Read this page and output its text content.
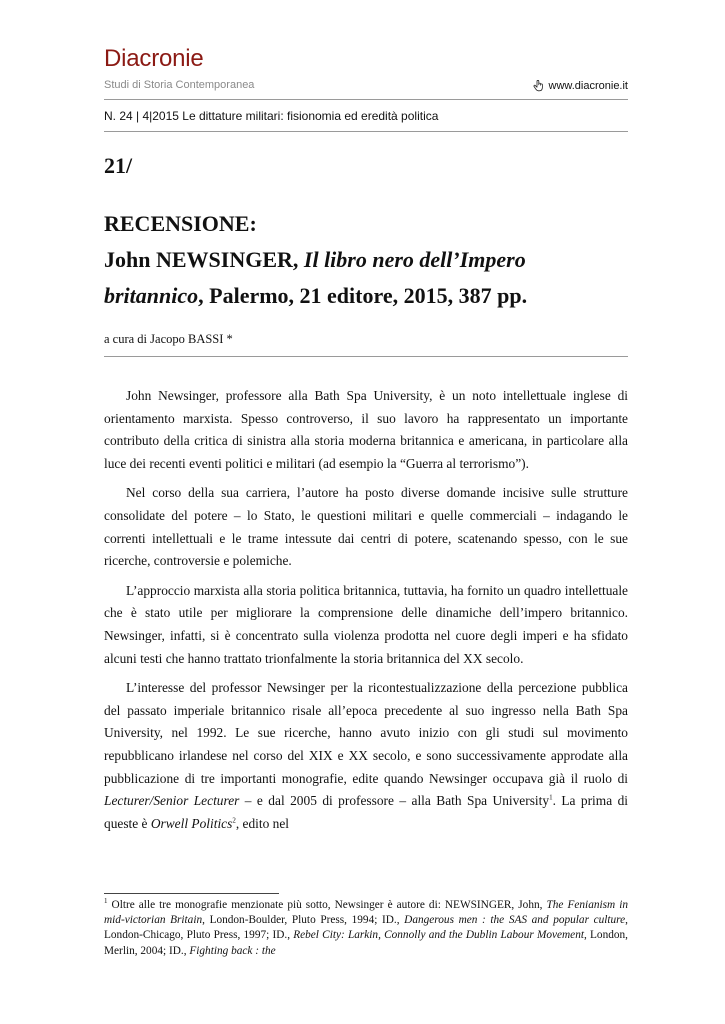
Diacronie
Studi di Storia Contemporanea	www.diacronie.it
N. 24 | 4|2015 Le dittature militari: fisionomia ed eredità politica
21/
RECENSIONE:
John NEWSINGER, Il libro nero dell’Impero
britannico, Palermo, 21 editore, 2015, 387 pp.
a cura di Jacopo BASSI *

John Newsinger, professore alla Bath Spa University, è un noto intellettuale inglese di orientamento marxista. Spesso controverso, il suo lavoro ha rappresentato un importante contributo della critica di sinistra alla storia moderna britannica e americana, in particolare alla luce dei recenti eventi politici e militari (ad esempio la “Guerra al terrorismo”).

Nel corso della sua carriera, l’autore ha posto diverse domande incisive sulle strutture consolidate del potere – lo Stato, le questioni militari e quelle commerciali – indagando le correnti intellettuali e le trame intessute dai centri di potere, scatenando spesso, con le sue ricerche, controversie e polemiche.

L’approccio marxista alla storia politica britannica, tuttavia, ha fornito un quadro intellettuale che è stato utile per migliorare la comprensione delle dinamiche dell’impero britannico. Newsinger, infatti, si è concentrato sulla violenza prodotta nel cuore degli imperi e ha sfidato alcuni testi che hanno trattato trionfalmente la storia britannica del XX secolo.

L’interesse del professor Newsinger per la ricontestualizzazione della percezione pubblica del passato imperiale britannico risale all’epoca precedente al suo ingresso nella Bath Spa University, nel 1992. Le sue ricerche, hanno avuto inizio con gli studi sul movimento repubblicano irlandese nel corso del XIX e XX secolo, e sono successivamente approdate alla pubblicazione di tre importanti monografie, edite quando Newsinger occupava già il ruolo di Lecturer/Senior Lecturer – e dal 2005 di professore – alla Bath Spa University$^1$. La prima di queste è Orwell Politics$^2$, edito nel

$^1$ Oltre alle tre monografie menzionate più sotto, Newsinger è autore di: NEWSINGER, John, The Fenianism in mid-victorian Britain, London-Boulder, Pluto Press, 1994; ID., Dangerous men : the SAS and popular culture, London-Chicago, Pluto Press, 1997; ID., Rebel City: Larkin, Connolly and the Dublin Labour Movement, London, Merlin, 2004; ID., Fighting back : the
